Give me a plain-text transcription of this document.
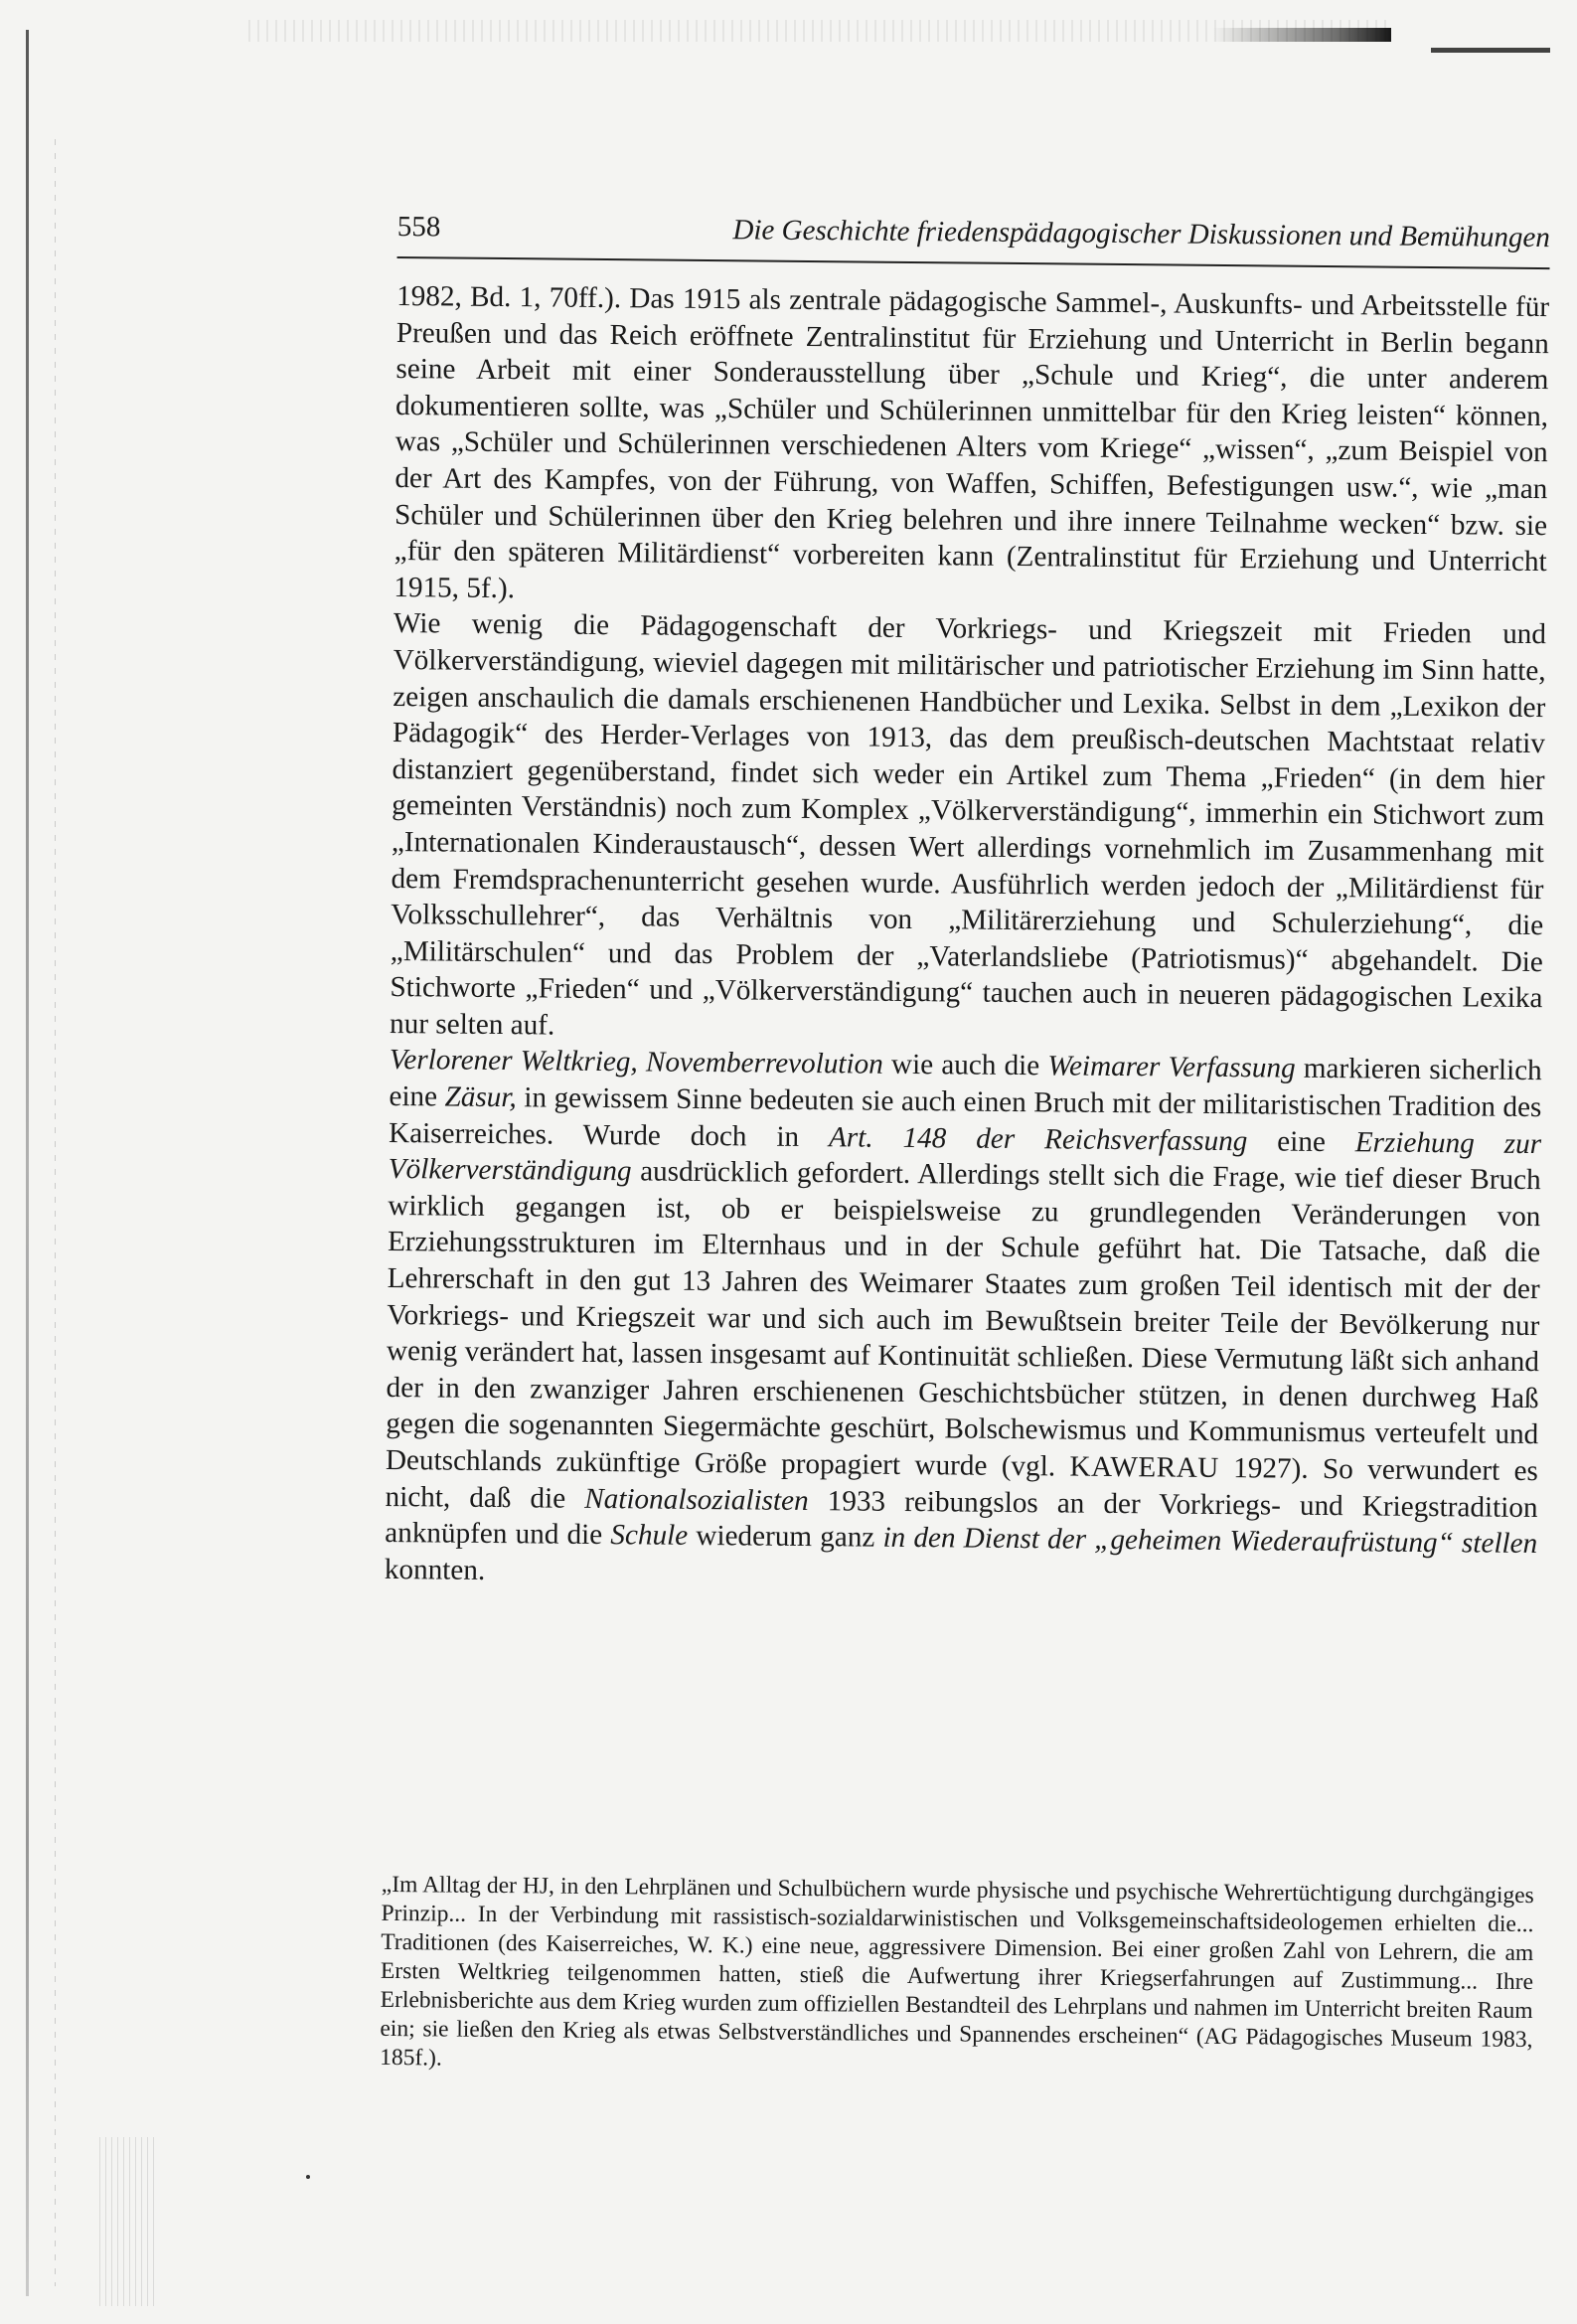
558	Die Geschichte friedenspädagogischer Diskussionen und Bemühungen

1982, Bd. 1, 70ff.). Das 1915 als zentrale pädagogische Sammel-, Auskunfts- und Arbeitsstelle für Preußen und das Reich eröffnete Zentralinstitut für Erziehung und Unterricht in Berlin begann seine Arbeit mit einer Sonderausstellung über „Schule und Krieg“, die unter anderem dokumentieren sollte, was „Schüler und Schülerinnen unmittelbar für den Krieg leisten“ können, was „Schüler und Schülerinnen verschiedenen Alters vom Kriege“ „wissen“, „zum Beispiel von der Art des Kampfes, von der Führung, von Waffen, Schiffen, Befestigungen usw.“, wie „man Schüler und Schülerinnen über den Krieg belehren und ihre innere Teilnahme wecken“ bzw. sie „für den späteren Militärdienst“ vorbereiten kann (Zentralinstitut für Erziehung und Unterricht 1915, 5f.).

Wie wenig die Pädagogenschaft der Vorkriegs- und Kriegszeit mit Frieden und Völkerverständigung, wieviel dagegen mit militärischer und patriotischer Erziehung im Sinn hatte, zeigen anschaulich die damals erschienenen Handbücher und Lexika. Selbst in dem „Lexikon der Pädagogik“ des Herder-Verlages von 1913, das dem preußisch-deutschen Machtstaat relativ distanziert gegenüberstand, findet sich weder ein Artikel zum Thema „Frieden“ (in dem hier gemeinten Verständnis) noch zum Komplex „Völkerverständigung“, immerhin ein Stichwort zum „Internationalen Kinderaustausch“, dessen Wert allerdings vornehmlich im Zusammenhang mit dem Fremdsprachenunterricht gesehen wurde. Ausführlich werden jedoch der „Militärdienst für Volksschullehrer“, das Verhältnis von „Militärerziehung und Schulerziehung“, die „Militärschulen“ und das Problem der „Vaterlandsliebe (Patriotismus)“ abgehandelt. Die Stichworte „Frieden“ und „Völkerverständigung“ tauchen auch in neueren pädagogischen Lexika nur selten auf.

Verlorener Weltkrieg, Novemberrevolution wie auch die Weimarer Verfassung markieren sicherlich eine Zäsur, in gewissem Sinne bedeuten sie auch einen Bruch mit der militaristischen Tradition des Kaiserreiches. Wurde doch in Art. 148 der Reichsverfassung eine Erziehung zur Völkerverständigung ausdrücklich gefordert. Allerdings stellt sich die Frage, wie tief dieser Bruch wirklich gegangen ist, ob er beispielsweise zu grundlegenden Veränderungen von Erziehungsstrukturen im Elternhaus und in der Schule geführt hat. Die Tatsache, daß die Lehrerschaft in den gut 13 Jahren des Weimarer Staates zum großen Teil identisch mit der der Vorkriegs- und Kriegszeit war und sich auch im Bewußtsein breiter Teile der Bevölkerung nur wenig verändert hat, lassen insgesamt auf Kontinuität schließen. Diese Vermutung läßt sich anhand der in den zwanziger Jahren erschienenen Geschichtsbücher stützen, in denen durchweg Haß gegen die sogenannten Siegermächte geschürt, Bolschewismus und Kommunismus verteufelt und Deutschlands zukünftige Größe propagiert wurde (vgl. KAWERAU 1927). So verwundert es nicht, daß die Nationalsozialisten 1933 reibungslos an der Vorkriegs- und Kriegstradition anknüpfen und die Schule wiederum ganz in den Dienst der „geheimen Wiederaufrüstung“ stellen konnten.

„Im Alltag der HJ, in den Lehrplänen und Schulbüchern wurde physische und psychische Wehrertüchtigung durchgängiges Prinzip... In der Verbindung mit rassistisch-sozialdarwinistischen und Volksgemeinschaftsideologemen erhielten die... Traditionen (des Kaiserreiches, W. K.) eine neue, aggressivere Dimension. Bei einer großen Zahl von Lehrern, die am Ersten Weltkrieg teilgenommen hatten, stieß die Aufwertung ihrer Kriegserfahrungen auf Zustimmung... Ihre Erlebnisberichte aus dem Krieg wurden zum offiziellen Bestandteil des Lehrplans und nahmen im Unterricht breiten Raum ein; sie ließen den Krieg als etwas Selbstverständliches und Spannendes erscheinen“ (AG Pädagogisches Museum 1983, 185f.).
